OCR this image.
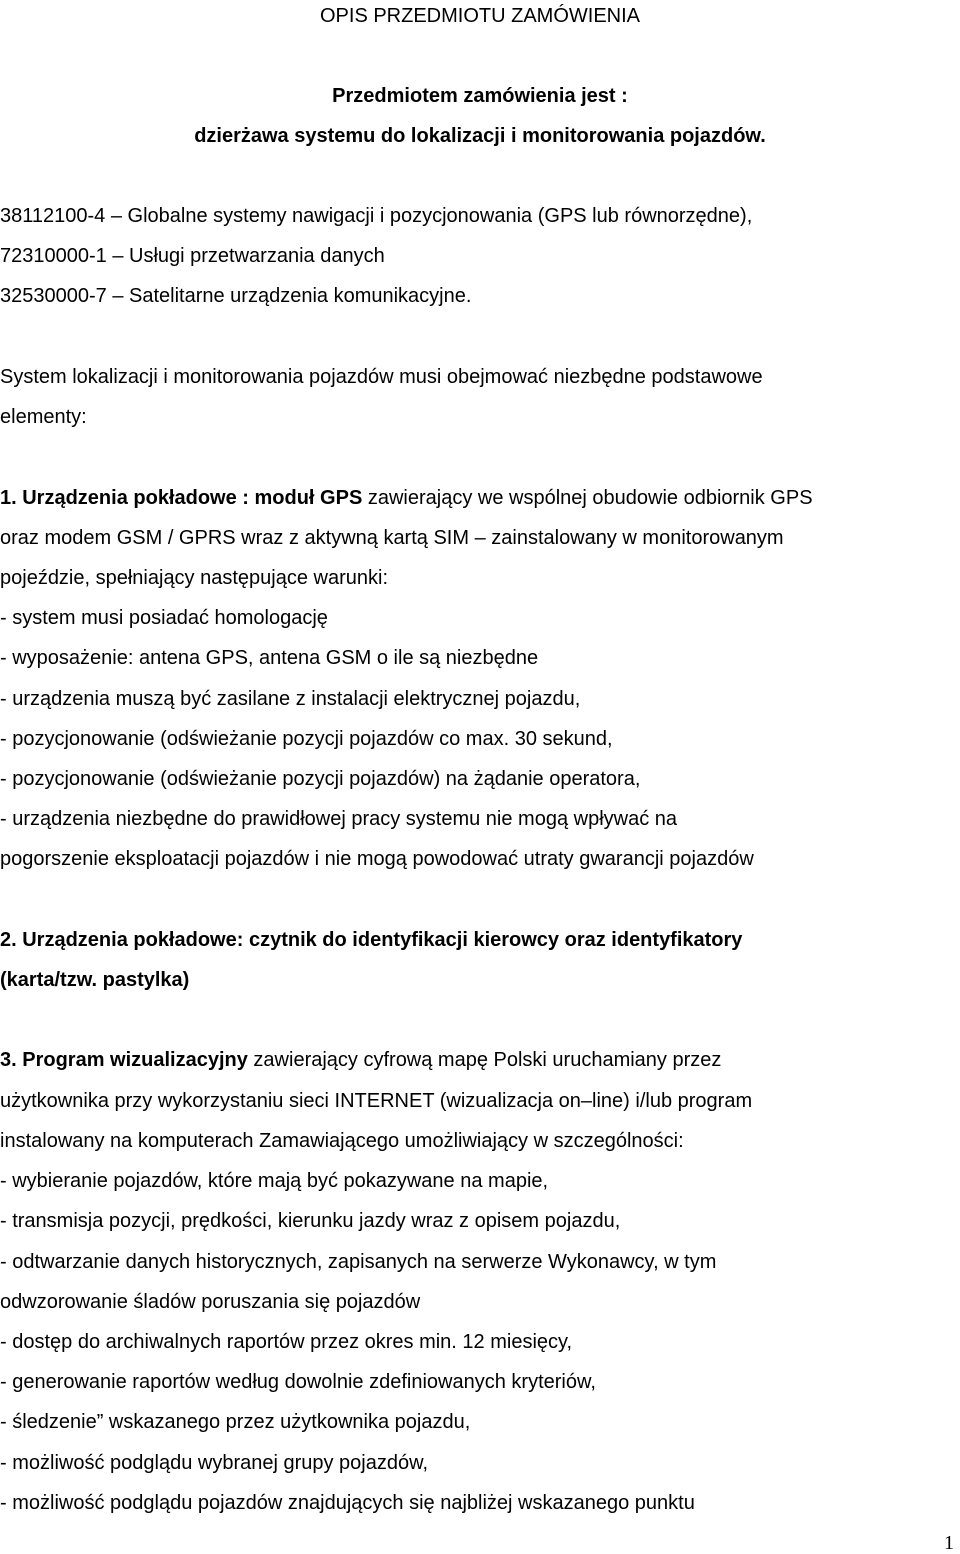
OPIS PRZEDMIOTU ZAMÓWIENIA
Przedmiotem zamówienia jest :
dzierżawa systemu do lokalizacji i monitorowania pojazdów.
38112100-4 – Globalne systemy nawigacji i pozycjonowania (GPS lub równorzędne),
72310000-1 – Usługi przetwarzania danych
32530000-7 – Satelitarne urządzenia komunikacyjne.
System lokalizacji i monitorowania pojazdów musi obejmować niezbędne podstawowe
elementy:
1. Urządzenia pokładowe : moduł GPS zawierający we wspólnej obudowie odbiornik GPS
oraz modem GSM / GPRS wraz z aktywną kartą SIM – zainstalowany w monitorowanym
pojeździe, spełniający następujące warunki:
- system musi posiadać homologację
- wyposażenie: antena GPS, antena GSM o ile są niezbędne
- urządzenia muszą być zasilane z instalacji elektrycznej pojazdu,
- pozycjonowanie (odświeżanie pozycji pojazdów co max. 30 sekund,
- pozycjonowanie (odświeżanie pozycji pojazdów) na żądanie operatora,
- urządzenia niezbędne do prawidłowej pracy systemu nie mogą wpływać na
pogorszenie eksploatacji pojazdów i nie mogą powodować utraty gwarancji pojazdów
2. Urządzenia pokładowe: czytnik do identyfikacji kierowcy oraz identyfikatory
(karta/tzw. pastylka)
3. Program wizualizacyjny zawierający cyfrową mapę Polski uruchamiany przez
użytkownika przy wykorzystaniu sieci INTERNET (wizualizacja on–line) i/lub program
instalowany na komputerach Zamawiającego umożliwiający w szczególności:
- wybieranie pojazdów, które mają być pokazywane na mapie,
- transmisja pozycji, prędkości, kierunku jazdy wraz z opisem pojazdu,
- odtwarzanie danych historycznych, zapisanych na serwerze Wykonawcy, w tym
odwzorowanie śladów poruszania się pojazdów
- dostęp do archiwalnych raportów przez okres min. 12 miesięcy,
- generowanie raportów według dowolnie zdefiniowanych kryteriów,
- śledzenie” wskazanego przez użytkownika pojazdu,
- możliwość podglądu wybranej grupy pojazdów,
- możliwość podglądu pojazdów znajdujących się najbliżej wskazanego punktu
1
